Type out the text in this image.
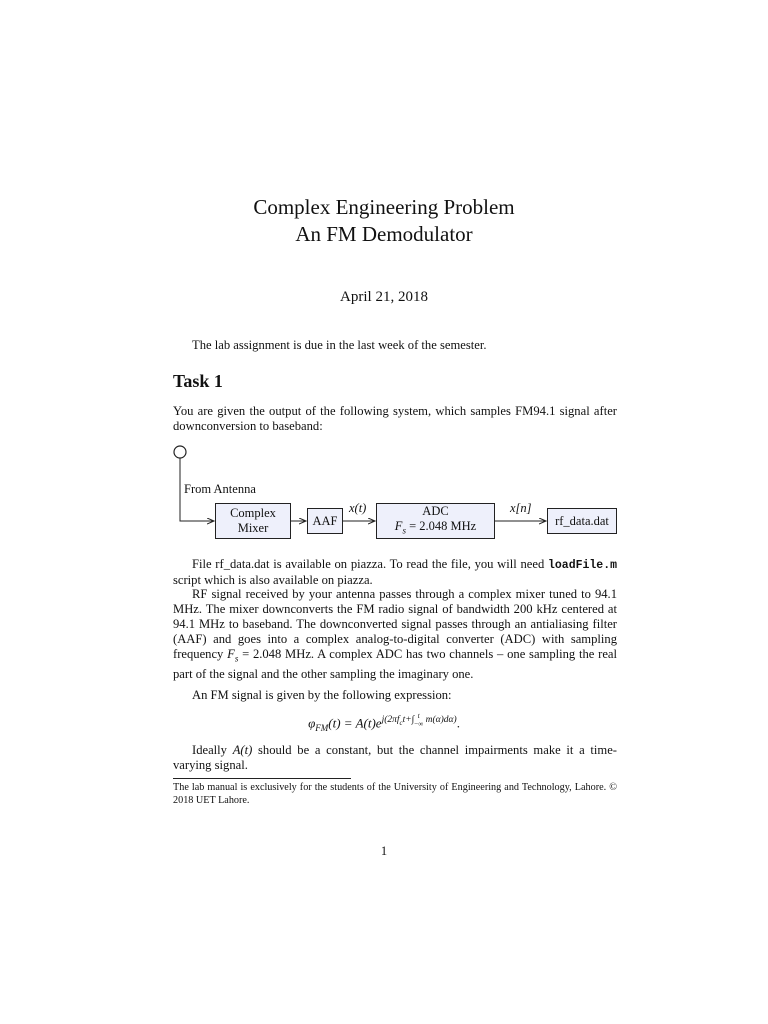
Complex Engineering Problem
An FM Demodulator
April 21, 2018
The lab assignment is due in the last week of the semester.
Task 1
You are given the output of the following system, which samples FM94.1 signal after downconversion to baseband:
From Antenna
Complex
Mixer
AAF
x(t)	ADC
$F_s = 2.048$ MHz
x[n]
rf_data.dat
File rf_data.dat is available on piazza. To read the file, you will need loadFile.m script which is also available on piazza.
RF signal received by your antenna passes through a complex mixer tuned to 94.1 MHz. The mixer downconverts the FM radio signal of bandwidth 200 kHz centered at 94.1 MHz to baseband. The downconverted signal passes through an antialiasing filter (AAF) and goes into a complex analog-to-digital converter (ADC) with sampling frequency $F_s = 2.048$ MHz. A complex ADC has two channels – one sampling the real part of the signal and the other sampling the imaginary one.
An FM signal is given by the following expression:
$\varphi_{FM}(t) = A(t)e^{j(2\pi f_ct+\int t -\infty m(\alpha)d\alpha)}$.
Ideally A(t) should be a constant, but the channel impairments make it a time-varying signal.
The lab manual is exclusively for the students of the University of Engineering and Technology, Lahore. © 2018 UET Lahore.
1
